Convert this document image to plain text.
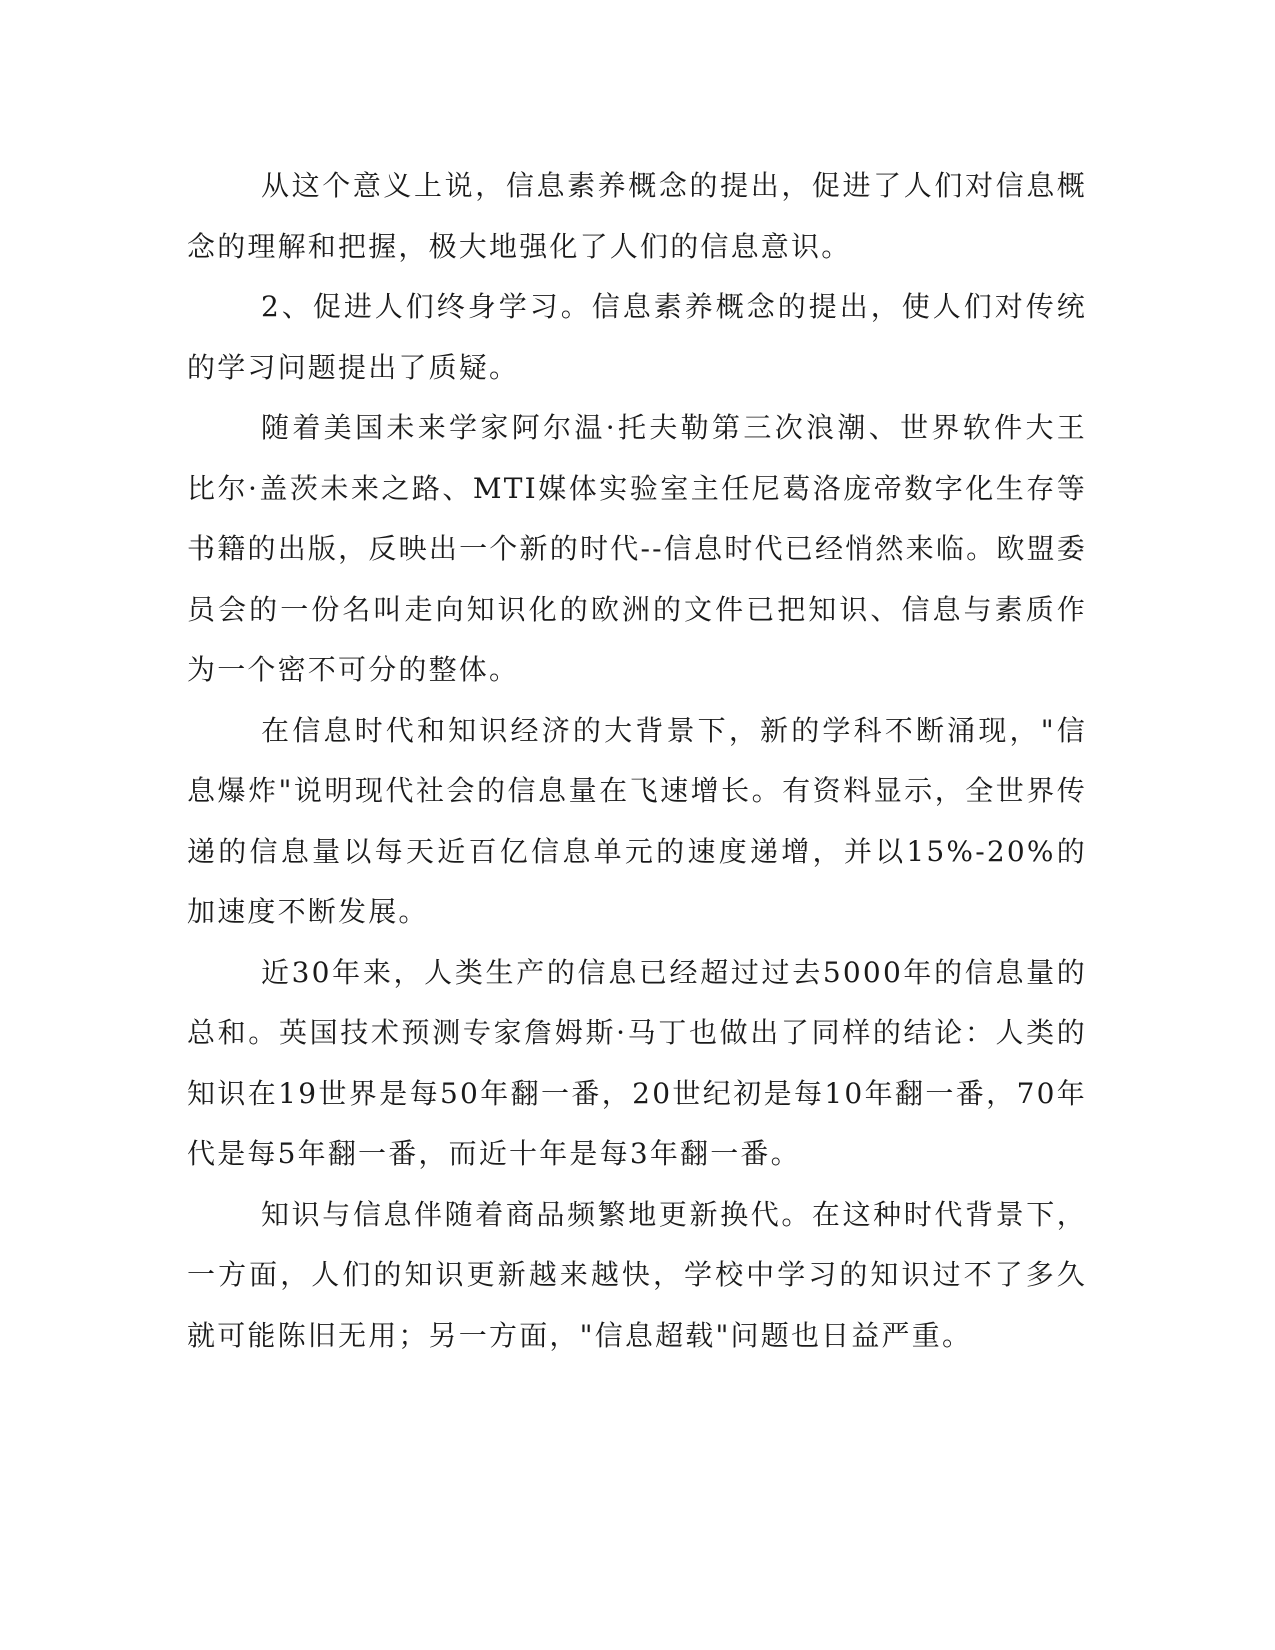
从这个意义上说，信息素养概念的提出，促进了人们对信息概念的理解和把握，极大地强化了人们的信息意识。

2、促进人们终身学习。信息素养概念的提出，使人们对传统的学习问题提出了质疑。

随着美国未来学家阿尔温·托夫勒第三次浪潮、世界软件大王比尔·盖茨未来之路、MTI媒体实验室主任尼葛洛庞帝数字化生存等书籍的出版，反映出一个新的时代--信息时代已经悄然来临。欧盟委员会的一份名叫走向知识化的欧洲的文件已把知识、信息与素质作为一个密不可分的整体。

在信息时代和知识经济的大背景下，新的学科不断涌现，"信息爆炸"说明现代社会的信息量在飞速增长。有资料显示，全世界传递的信息量以每天近百亿信息单元的速度递增，并以15%-20%的加速度不断发展。

近30年来，人类生产的信息已经超过过去5000年的信息量的总和。英国技术预测专家詹姆斯·马丁也做出了同样的结论：人类的知识在19世界是每50年翻一番，20世纪初是每10年翻一番，70年代是每5年翻一番，而近十年是每3年翻一番。

知识与信息伴随着商品频繁地更新换代。在这种时代背景下，一方面，人们的知识更新越来越快，学校中学习的知识过不了多久就可能陈旧无用；另一方面，"信息超载"问题也日益严重。
